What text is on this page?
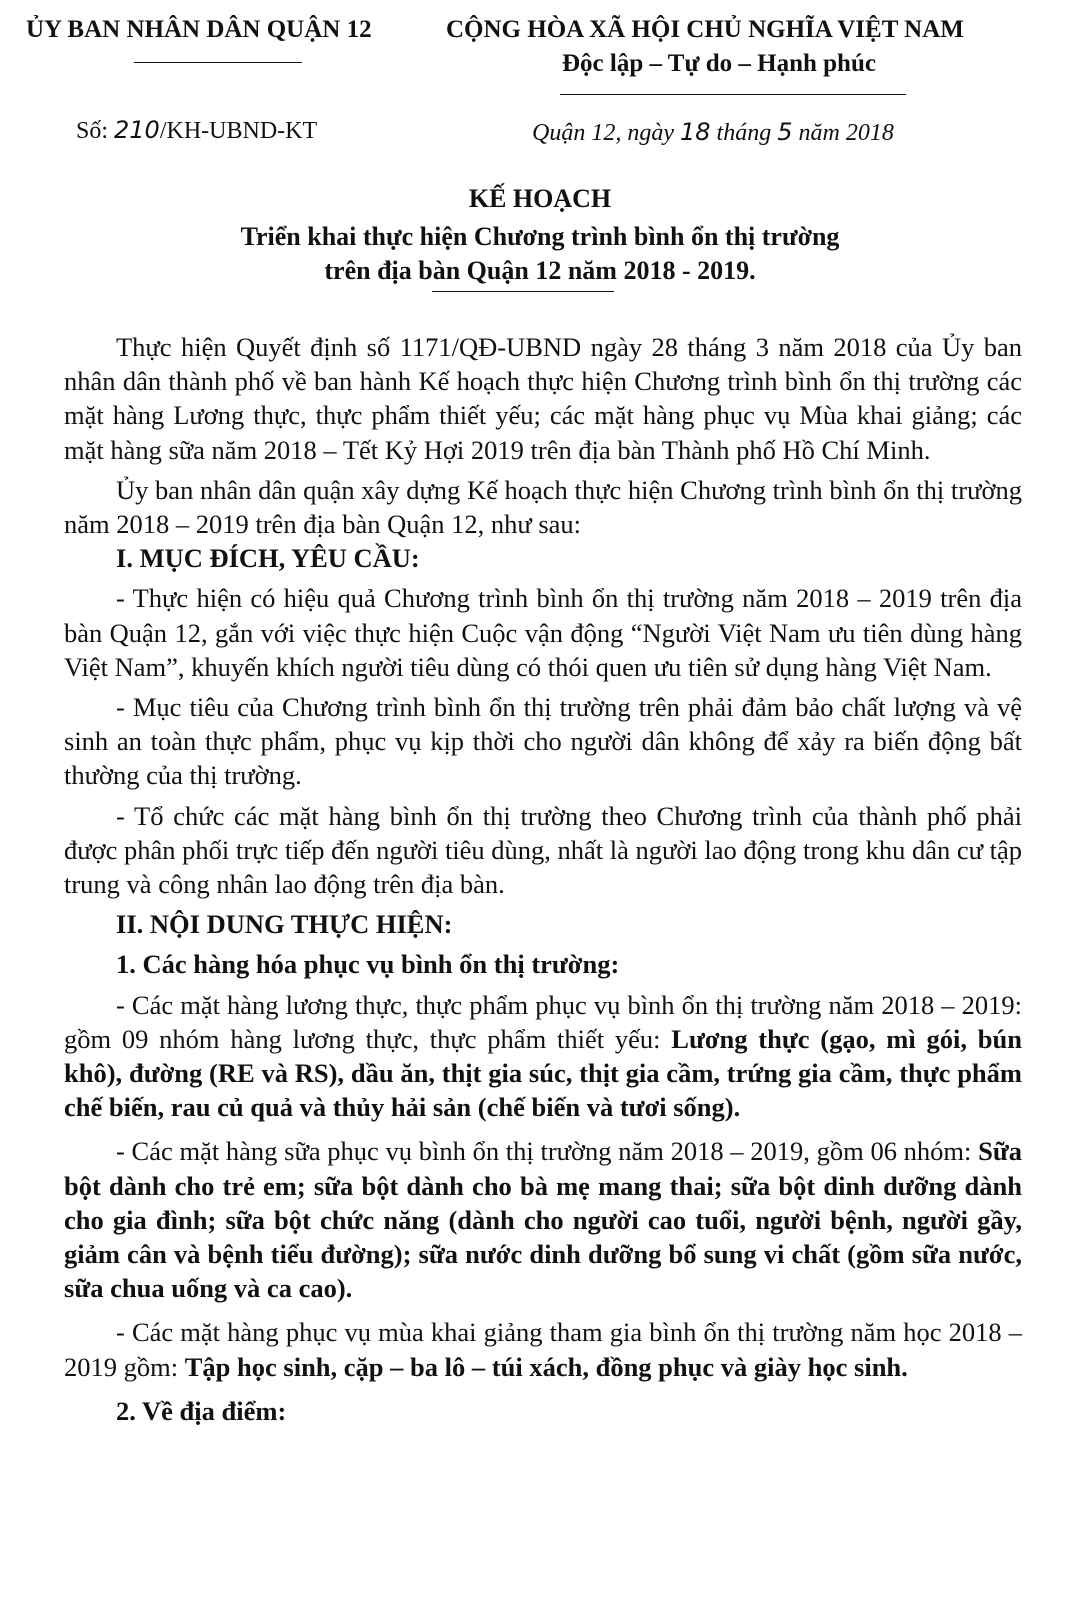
ỦY BAN NHÂN DÂN QUẬN 12	CỘNG HÒA XÃ HỘI CHỦ NGHĨA VIỆT NAM
Độc lập – Tự do – Hạnh phúc
Số: 210/KH-UBND-KT	Quận 12, ngày 18 tháng 5 năm 2018
KẾ HOẠCH
Triển khai thực hiện Chương trình bình ổn thị trường
trên địa bàn Quận 12 năm 2018 - 2019.

Thực hiện Quyết định số 1171/QĐ-UBND ngày 28 tháng 3 năm 2018 của Ủy ban nhân dân thành phố về ban hành Kế hoạch thực hiện Chương trình bình ổn thị trường các mặt hàng Lương thực, thực phẩm thiết yếu; các mặt hàng phục vụ Mùa khai giảng; các mặt hàng sữa năm 2018 – Tết Kỷ Hợi 2019 trên địa bàn Thành phố Hồ Chí Minh.

Ủy ban nhân dân quận xây dựng Kế hoạch thực hiện Chương trình bình ổn thị trường năm 2018 – 2019 trên địa bàn Quận 12, như sau:

I. MỤC ĐÍCH, YÊU CẦU:

- Thực hiện có hiệu quả Chương trình bình ổn thị trường năm 2018 – 2019 trên địa bàn Quận 12, gắn với việc thực hiện Cuộc vận động “Người Việt Nam ưu tiên dùng hàng Việt Nam”, khuyến khích người tiêu dùng có thói quen ưu tiên sử dụng hàng Việt Nam.

- Mục tiêu của Chương trình bình ổn thị trường trên phải đảm bảo chất lượng và vệ sinh an toàn thực phẩm, phục vụ kịp thời cho người dân không để xảy ra biến động bất thường của thị trường.

- Tổ chức các mặt hàng bình ổn thị trường theo Chương trình của thành phố phải được phân phối trực tiếp đến người tiêu dùng, nhất là người lao động trong khu dân cư tập trung và công nhân lao động trên địa bàn.

II. NỘI DUNG THỰC HIỆN:

1. Các hàng hóa phục vụ bình ổn thị trường:

- Các mặt hàng lương thực, thực phẩm phục vụ bình ổn thị trường năm 2018 – 2019: gồm 09 nhóm hàng lương thực, thực phẩm thiết yếu: Lương thực (gạo, mì gói, bún khô), đường (RE và RS), dầu ăn, thịt gia súc, thịt gia cầm, trứng gia cầm, thực phẩm chế biến, rau củ quả và thủy hải sản (chế biến và tươi sống).

- Các mặt hàng sữa phục vụ bình ổn thị trường năm 2018 – 2019, gồm 06 nhóm: Sữa bột dành cho trẻ em; sữa bột dành cho bà mẹ mang thai; sữa bột dinh dưỡng dành cho gia đình; sữa bột chức năng (dành cho người cao tuổi, người bệnh, người gầy, giảm cân và bệnh tiểu đường); sữa nước dinh dưỡng bổ sung vi chất (gồm sữa nước, sữa chua uống và ca cao).

- Các mặt hàng phục vụ mùa khai giảng tham gia bình ổn thị trường năm học 2018 – 2019 gồm: Tập học sinh, cặp – ba lô – túi xách, đồng phục và giày học sinh.

2. Về địa điểm:
